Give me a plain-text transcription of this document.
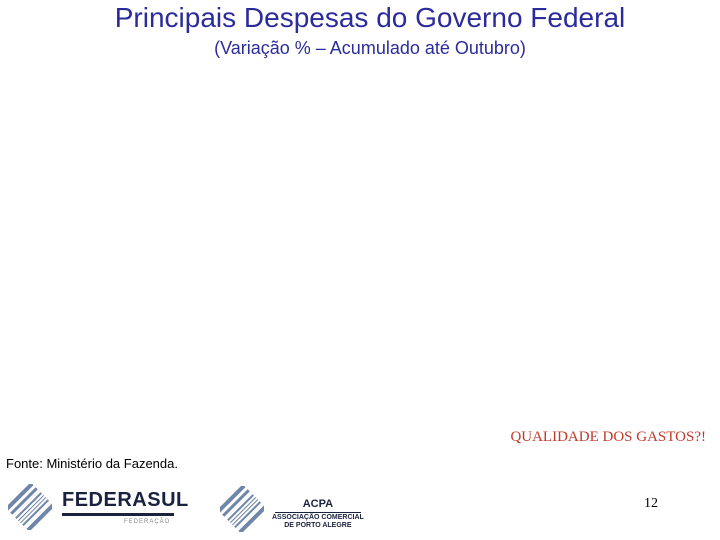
Principais Despesas do Governo Federal
(Variação % – Acumulado até Outubro)
QUALIDADE DOS GASTOS?!
Fonte: Ministério da Fazenda.
FEDERASUL
FEDERAÇÃO
ACPA
ASSOCIAÇÃO COMERCIAL
DE PORTO ALEGRE
12
